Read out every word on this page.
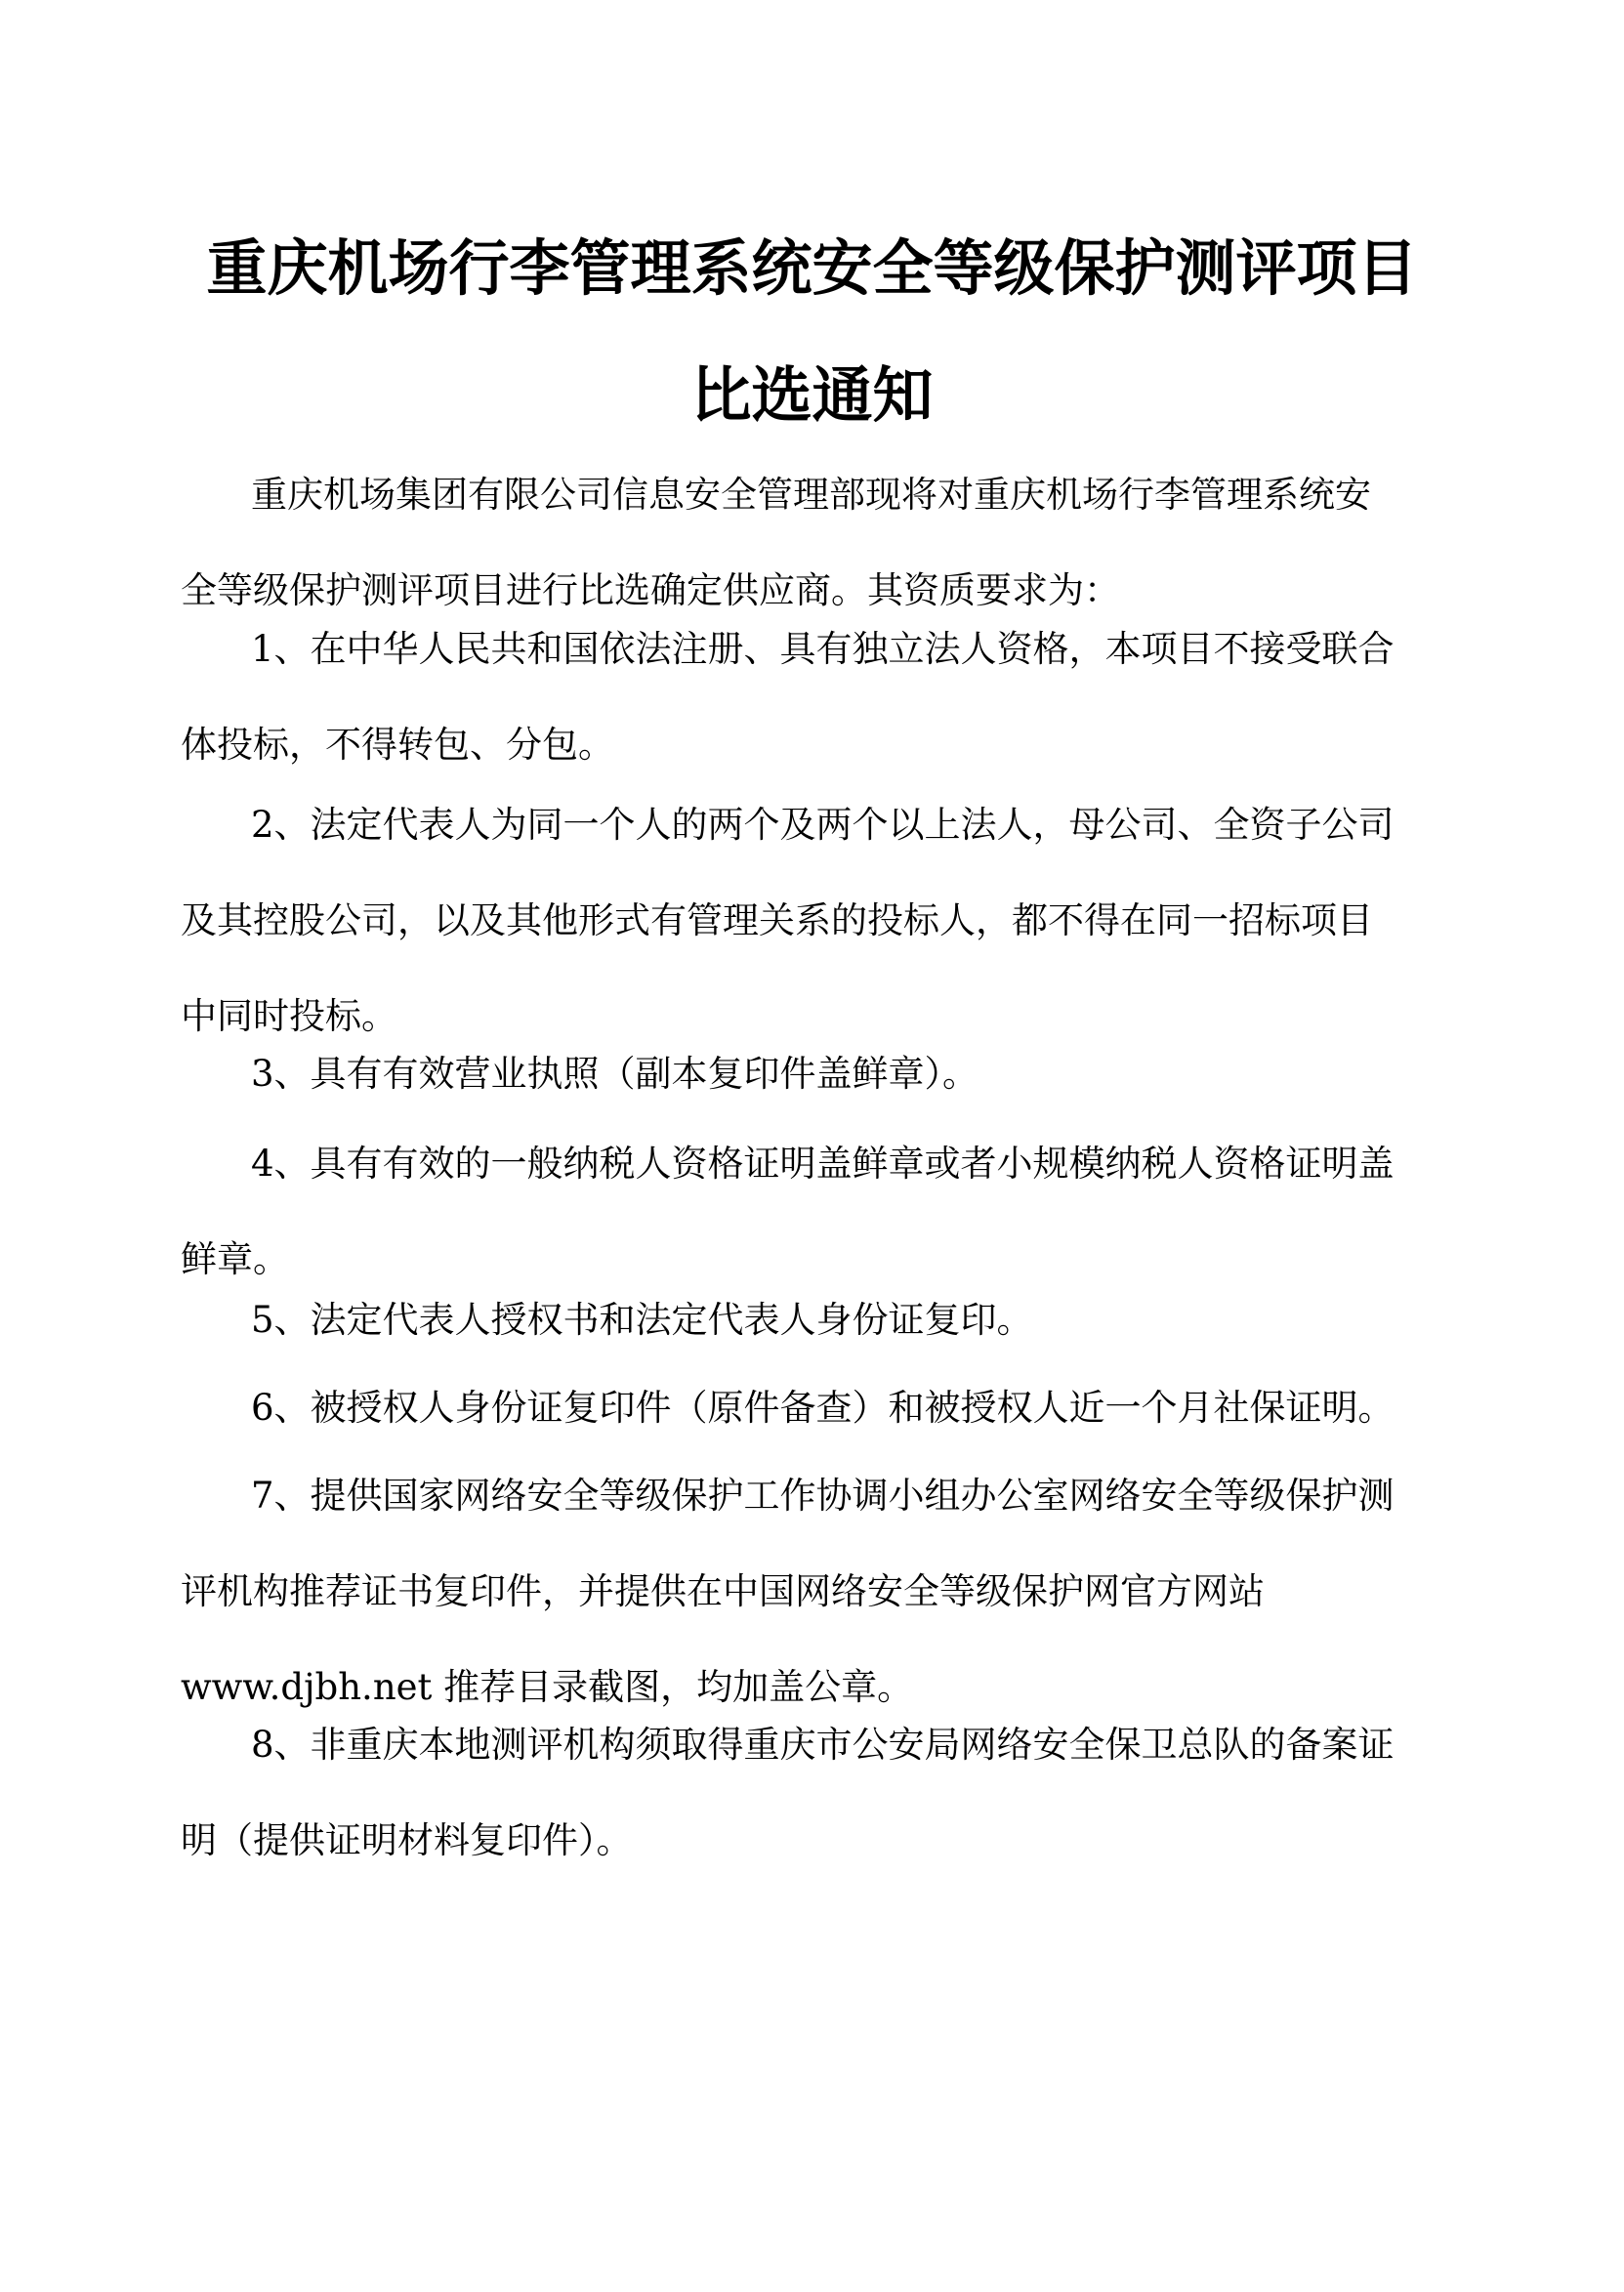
重庆机场行李管理系统安全等级保护测评项目
比选通知
重庆机场集团有限公司信息安全管理部现将对重庆机场行李管理系统安
全等级保护测评项目进行比选确定供应商。其资质要求为：
1、在中华人民共和国依法注册、具有独立法人资格，本项目不接受联合
体投标，不得转包、分包。
2、法定代表人为同一个人的两个及两个以上法人，母公司、全资子公司
及其控股公司，以及其他形式有管理关系的投标人，都不得在同一招标项目
中同时投标。
3、具有有效营业执照（副本复印件盖鲜章）。
4、具有有效的一般纳税人资格证明盖鲜章或者小规模纳税人资格证明盖
鲜章。
5、法定代表人授权书和法定代表人身份证复印。
6、被授权人身份证复印件（原件备查）和被授权人近一个月社保证明。
7、提供国家网络安全等级保护工作协调小组办公室网络安全等级保护测
评机构推荐证书复印件，并提供在中国网络安全等级保护网官方网站
www.djbh.net 推荐目录截图，均加盖公章。
8、非重庆本地测评机构须取得重庆市公安局网络安全保卫总队的备案证
明（提供证明材料复印件）。
